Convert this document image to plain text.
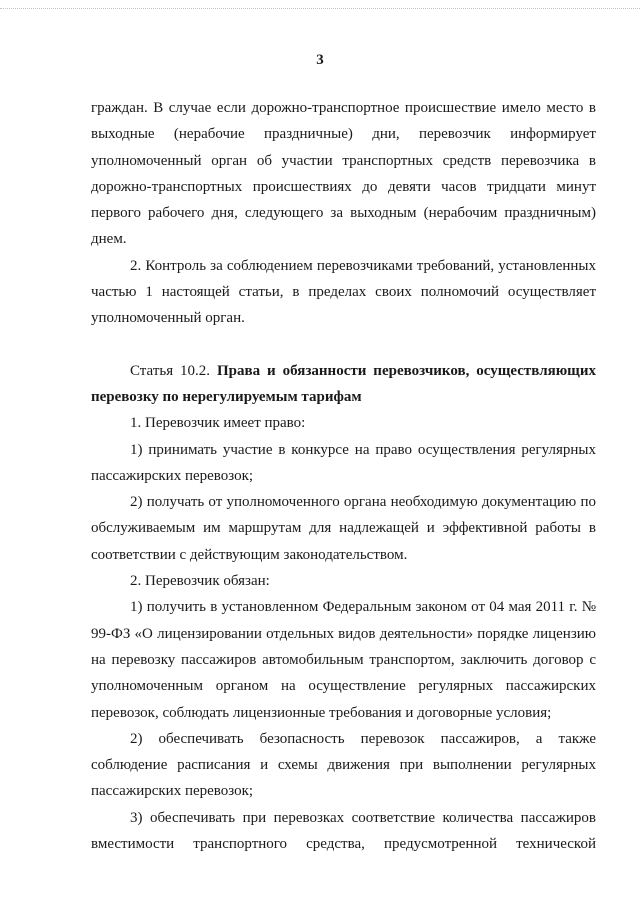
3

граждан. В случае если дорожно-транспортное происшествие имело место в выходные (нерабочие праздничные) дни, перевозчик информирует уполномоченный орган об участии транспортных средств перевозчика в дорожно-транспортных происшествиях до девяти часов тридцати минут первого рабочего дня, следующего за выходным (нерабочим праздничным) днем.

2. Контроль за соблюдением перевозчиками требований, установленных частью 1 настоящей статьи, в пределах своих полномочий осуществляет уполномоченный орган.

Статья 10.2. Права и обязанности перевозчиков, осуществляющих перевозку по нерегулируемым тарифам

1. Перевозчик имеет право:

1) принимать участие в конкурсе на право осуществления регулярных пассажирских перевозок;

2) получать от уполномоченного органа необходимую документацию по обслуживаемым им маршрутам для надлежащей и эффективной работы в соответствии с действующим законодательством.

2. Перевозчик обязан:

1) получить в установленном Федеральным законом от 04 мая 2011 г. № 99-ФЗ «О лицензировании отдельных видов деятельности» порядке лицензию на перевозку пассажиров автомобильным транспортом, заключить договор с уполномоченным органом на осуществление регулярных пассажирских перевозок, соблюдать лицензионные требования и договорные условия;

2) обеспечивать безопасность перевозок пассажиров, а также соблюдение расписания и схемы движения при выполнении регулярных пассажирских перевозок;

3) обеспечивать при перевозках соответствие количества пассажиров вместимости транспортного средства, предусмотренной технической
